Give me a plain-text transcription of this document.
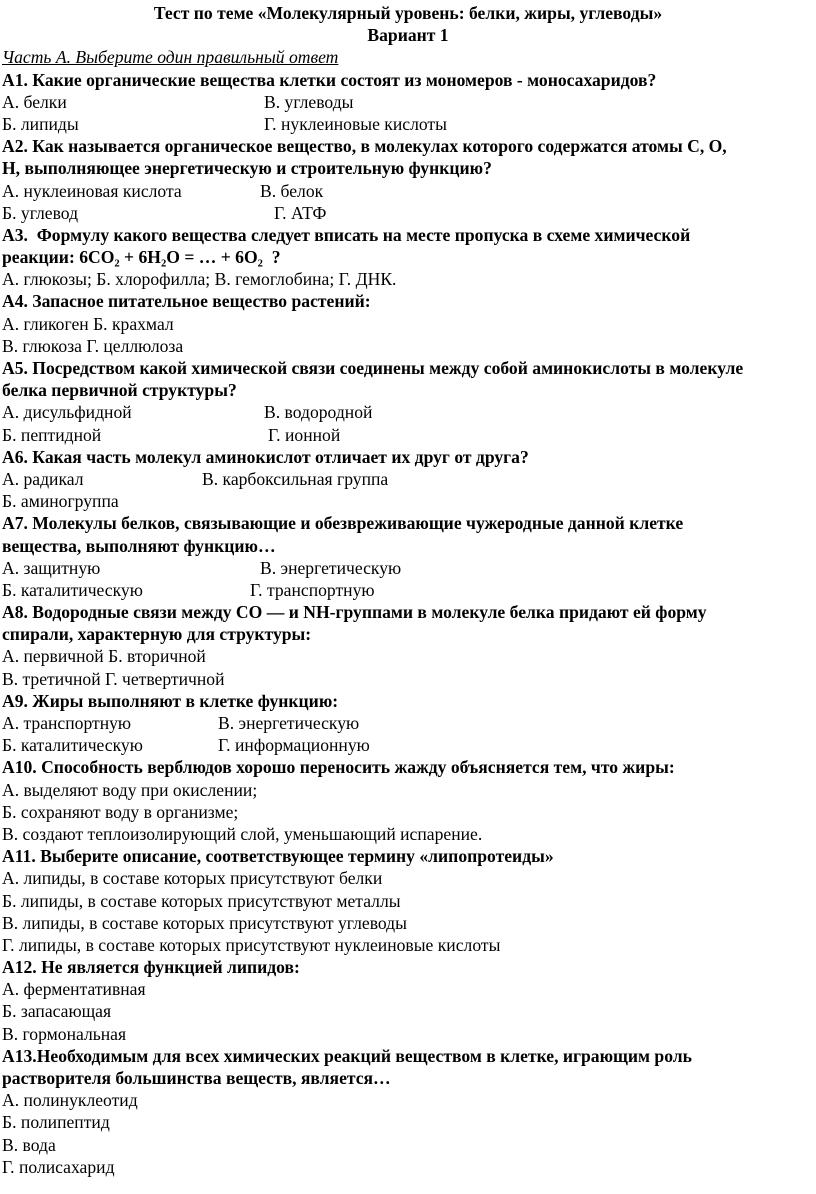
Тест по теме «Молекулярный уровень: белки, жиры, углеводы»
Вариант 1
Часть А. Выберите один правильный ответ
А1. Какие органические вещества клетки состоят из мономеров - моносахаридов?
А. белки	В. углеводы
Б. липиды	Г. нуклеиновые кислоты
А2. Как называется органическое вещество, в молекулах которого содержатся атомы С, О,
Н, выполняющее энергетическую и строительную функцию?
А. нуклеиновая кислота	В. белок
Б. углевод	Г. АТФ
А3.  Формулу какого вещества следует вписать на месте пропуска в схеме химической
реакции: 6CO₂ + 6H₂O = … + 6O₂  ?
А. глюкозы; Б. хлорофилла; В. гемоглобина; Г. ДНК.
А4. Запасное питательное вещество растений:
А. гликоген Б. крахмал
В. глюкоза Г. целлюлоза
А5. Посредством какой химической связи соединены между собой аминокислоты в молекуле
белка первичной структуры?
А. дисульфидной	В. водородной
Б. пептидной	Г. ионной
А6. Какая часть молекул аминокислот отличает их друг от друга?
А. радикал	В. карбоксильная группа
Б. аминогруппа
А7. Молекулы белков, связывающие и обезвреживающие чужеродные данной клетке
вещества, выполняют функцию…
А. защитную	В. энергетическую
Б. каталитическую	Г. транспортную
А8. Водородные связи между СО — и NH-группами в молекуле белка придают ей форму
спирали, характерную для структуры:
А. первичной Б. вторичной
В. третичной Г. четвертичной
А9. Жиры выполняют в клетке функцию:
А. транспортную	В. энергетическую
Б. каталитическую	Г. информационную
А10. Способность верблюдов хорошо переносить жажду объясняется тем, что жиры:
А. выделяют воду при окислении;
Б. сохраняют воду в организме;
В. создают теплоизолирующий слой, уменьшающий испарение.
А11. Выберите описание, соответствующее термину «липопротеиды»
А. липиды, в составе которых присутствуют белки
Б. липиды, в составе которых присутствуют металлы
В. липиды, в составе которых присутствуют углеводы
Г. липиды, в составе которых присутствуют нуклеиновые кислоты
А12. Не является функцией липидов:
А. ферментативная
Б. запасающая
В. гормональная
А13.Необходимым для всех химических реакций веществом в клетке, играющим роль
растворителя большинства веществ, является…
А. полинуклеотид
Б. полипептид
В. вода
Г. полисахарид
